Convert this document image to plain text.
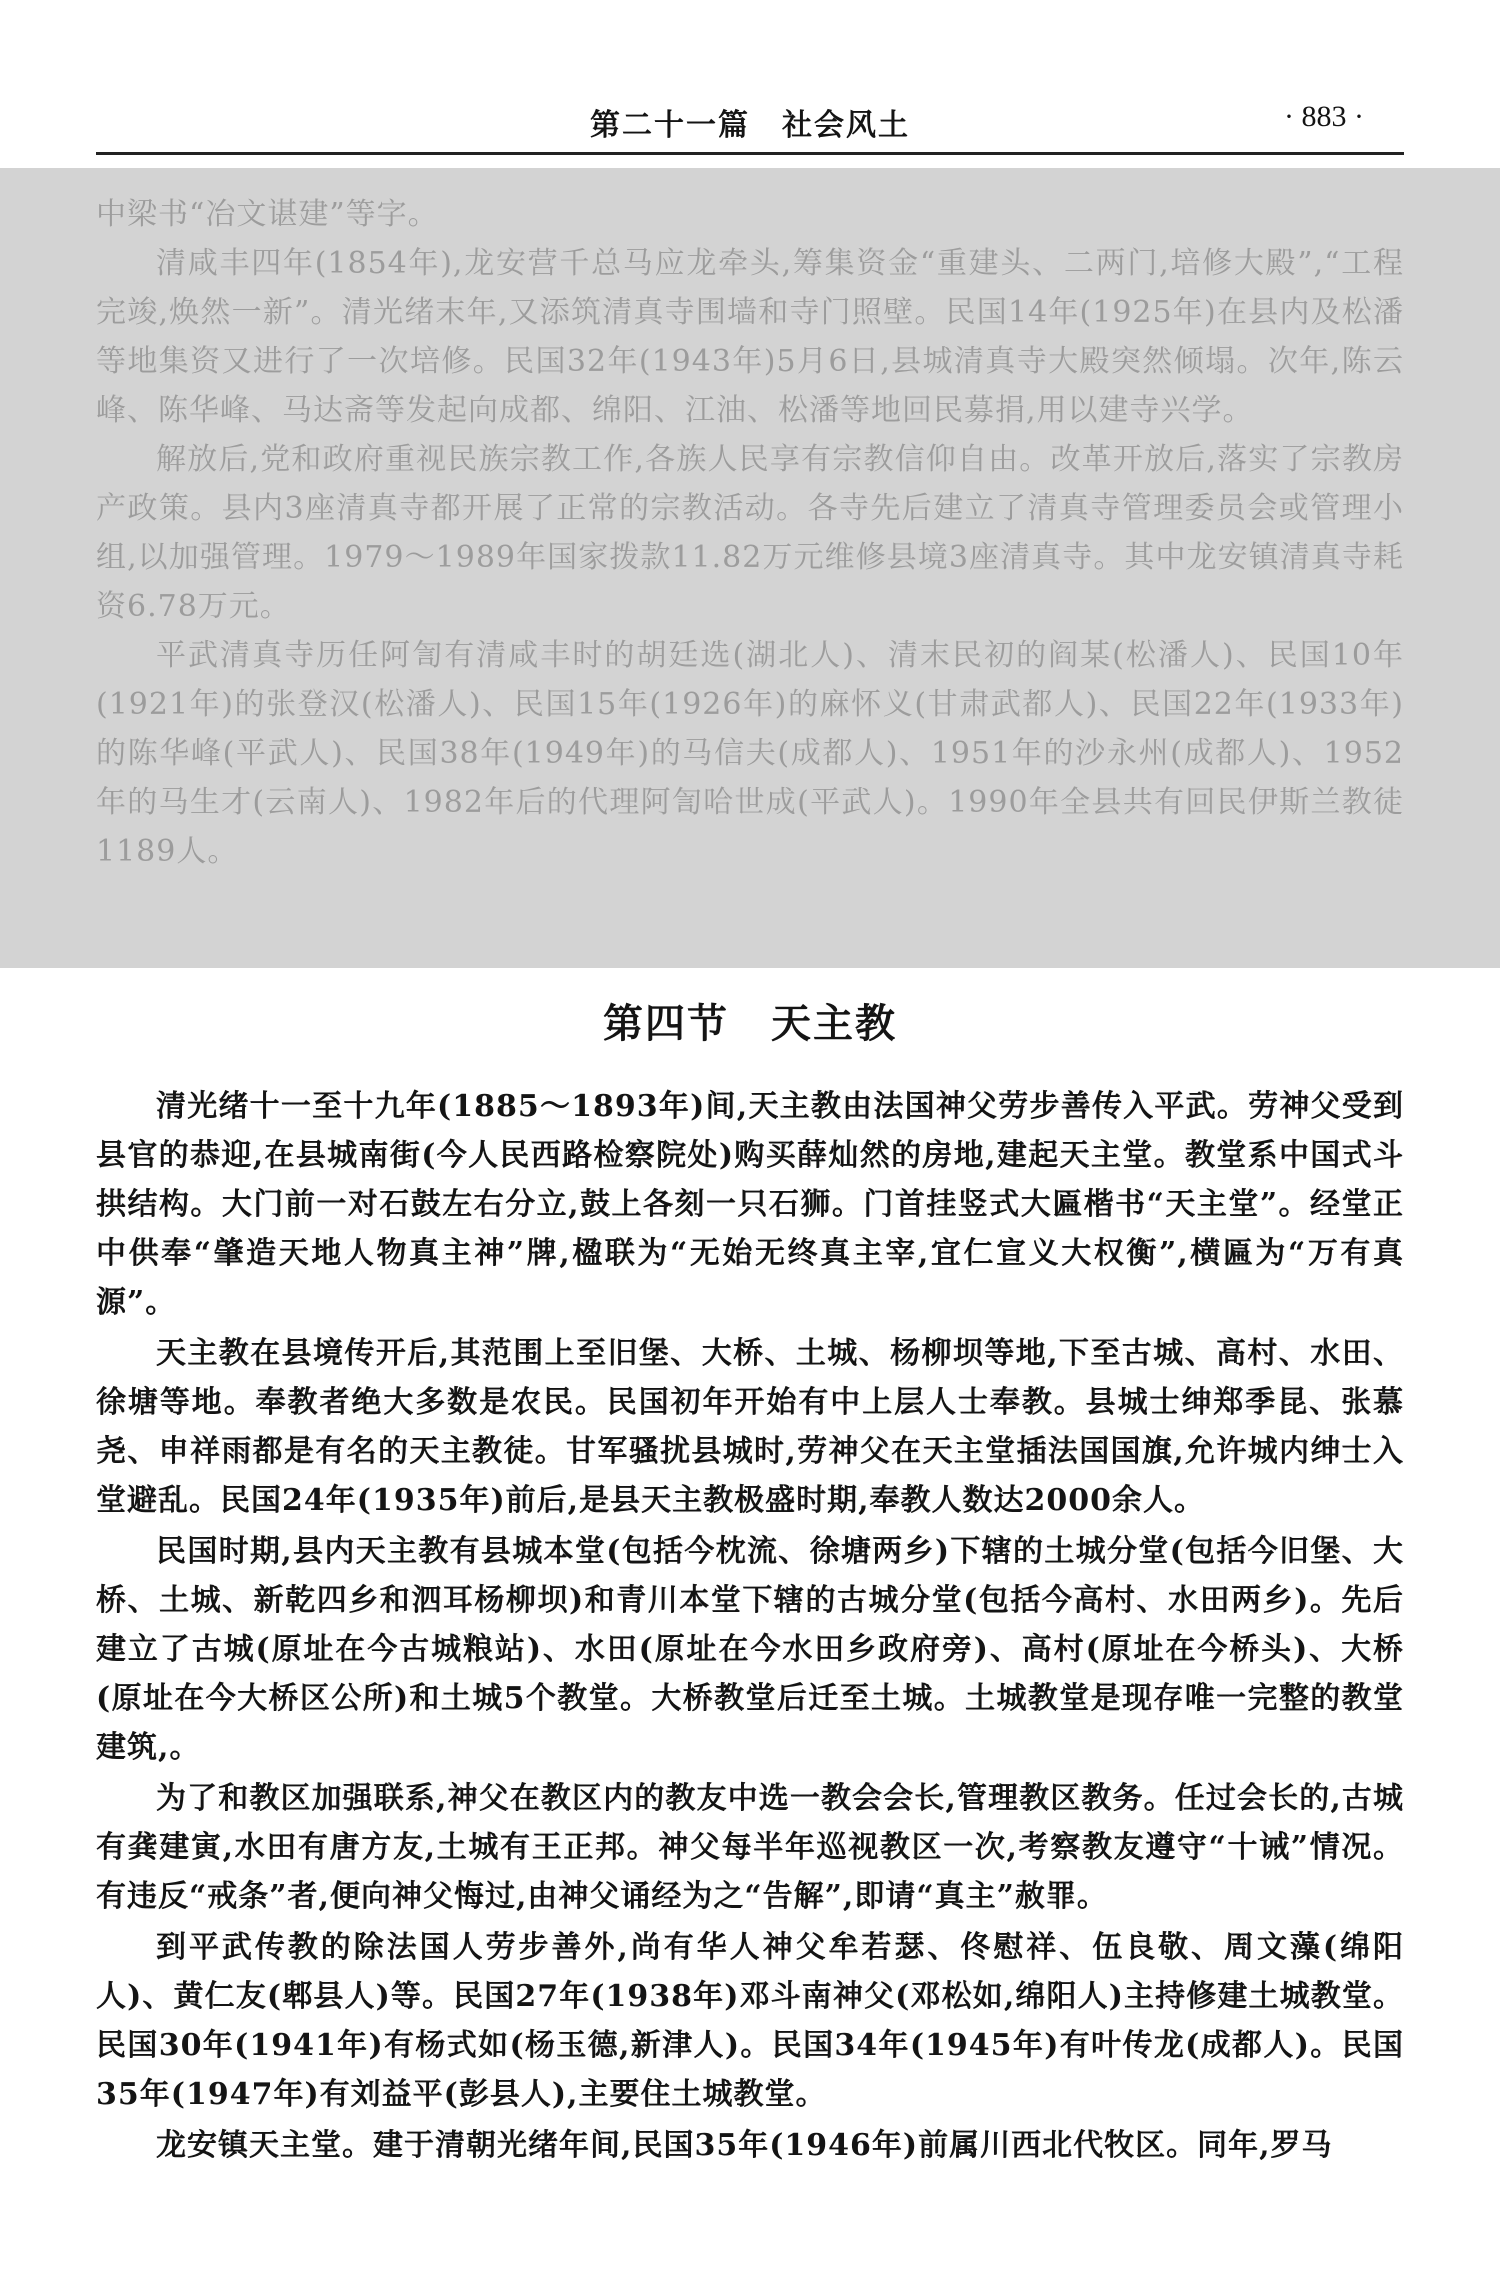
第二十一篇　社会风土	· 883 ·

中梁书“冶文谌建”等字。

清咸丰四年(1854年),龙安营千总马应龙牵头,筹集资金“重建头、二两门,培修大殿”,“工程完竣,焕然一新”。清光绪末年,又添筑清真寺围墙和寺门照壁。民国14年(1925年)在县内及松潘等地集资又进行了一次培修。民国32年(1943年)5月6日,县城清真寺大殿突然倾塌。次年,陈云峰、陈华峰、马达斋等发起向成都、绵阳、江油、松潘等地回民募捐,用以建寺兴学。

解放后,党和政府重视民族宗教工作,各族人民享有宗教信仰自由。改革开放后,落实了宗教房产政策。县内3座清真寺都开展了正常的宗教活动。各寺先后建立了清真寺管理委员会或管理小组,以加强管理。1979～1989年国家拨款11.82万元维修县境3座清真寺。其中龙安镇清真寺耗资6.78万元。

平武清真寺历任阿訇有清咸丰时的胡廷选(湖北人)、清末民初的阎某(松潘人)、民国10年(1921年)的张登汉(松潘人)、民国15年(1926年)的麻怀义(甘肃武都人)、民国22年(1933年)的陈华峰(平武人)、民国38年(1949年)的马信夫(成都人)、1951年的沙永州(成都人)、1952年的马生才(云南人)、1982年后的代理阿訇哈世成(平武人)。1990年全县共有回民伊斯兰教徒1189人。

第四节　天主教

清光绪十一至十九年(1885～1893年)间,天主教由法国神父劳步善传入平武。劳神父受到县官的恭迎,在县城南街(今人民西路检察院处)购买薛灿然的房地,建起天主堂。教堂系中国式斗拱结构。大门前一对石鼓左右分立,鼓上各刻一只石狮。门首挂竖式大匾楷书“天主堂”。经堂正中供奉“肇造天地人物真主神”牌,楹联为“无始无终真主宰,宜仁宣义大权衡”,横匾为“万有真源”。

天主教在县境传开后,其范围上至旧堡、大桥、土城、杨柳坝等地,下至古城、高村、水田、徐塘等地。奉教者绝大多数是农民。民国初年开始有中上层人士奉教。县城士绅郑季昆、张慕尧、申祥雨都是有名的天主教徒。甘军骚扰县城时,劳神父在天主堂插法国国旗,允许城内绅士入堂避乱。民国24年(1935年)前后,是县天主教极盛时期,奉教人数达2000余人。

民国时期,县内天主教有县城本堂(包括今枕流、徐塘两乡)下辖的土城分堂(包括今旧堡、大桥、土城、新乾四乡和泗耳杨柳坝)和青川本堂下辖的古城分堂(包括今高村、水田两乡)。先后建立了古城(原址在今古城粮站)、水田(原址在今水田乡政府旁)、高村(原址在今桥头)、大桥(原址在今大桥区公所)和土城5个教堂。大桥教堂后迁至土城。土城教堂是现存唯一完整的教堂建筑,。

为了和教区加强联系,神父在教区内的教友中选一教会会长,管理教区教务。任过会长的,古城有龚建寅,水田有唐方友,土城有王正邦。神父每半年巡视教区一次,考察教友遵守“十诫”情况。有违反“戒条”者,便向神父悔过,由神父诵经为之“告解”,即请“真主”赦罪。

到平武传教的除法国人劳步善外,尚有华人神父牟若瑟、佟慰祥、伍良敬、周文藻(绵阳人)、黄仁友(郫县人)等。民国27年(1938年)邓斗南神父(邓松如,绵阳人)主持修建土城教堂。民国30年(1941年)有杨式如(杨玉德,新津人)。民国34年(1945年)有叶传龙(成都人)。民国35年(1947年)有刘益平(彭县人),主要住土城教堂。

龙安镇天主堂。建于清朝光绪年间,民国35年(1946年)前属川西北代牧区。同年,罗马
